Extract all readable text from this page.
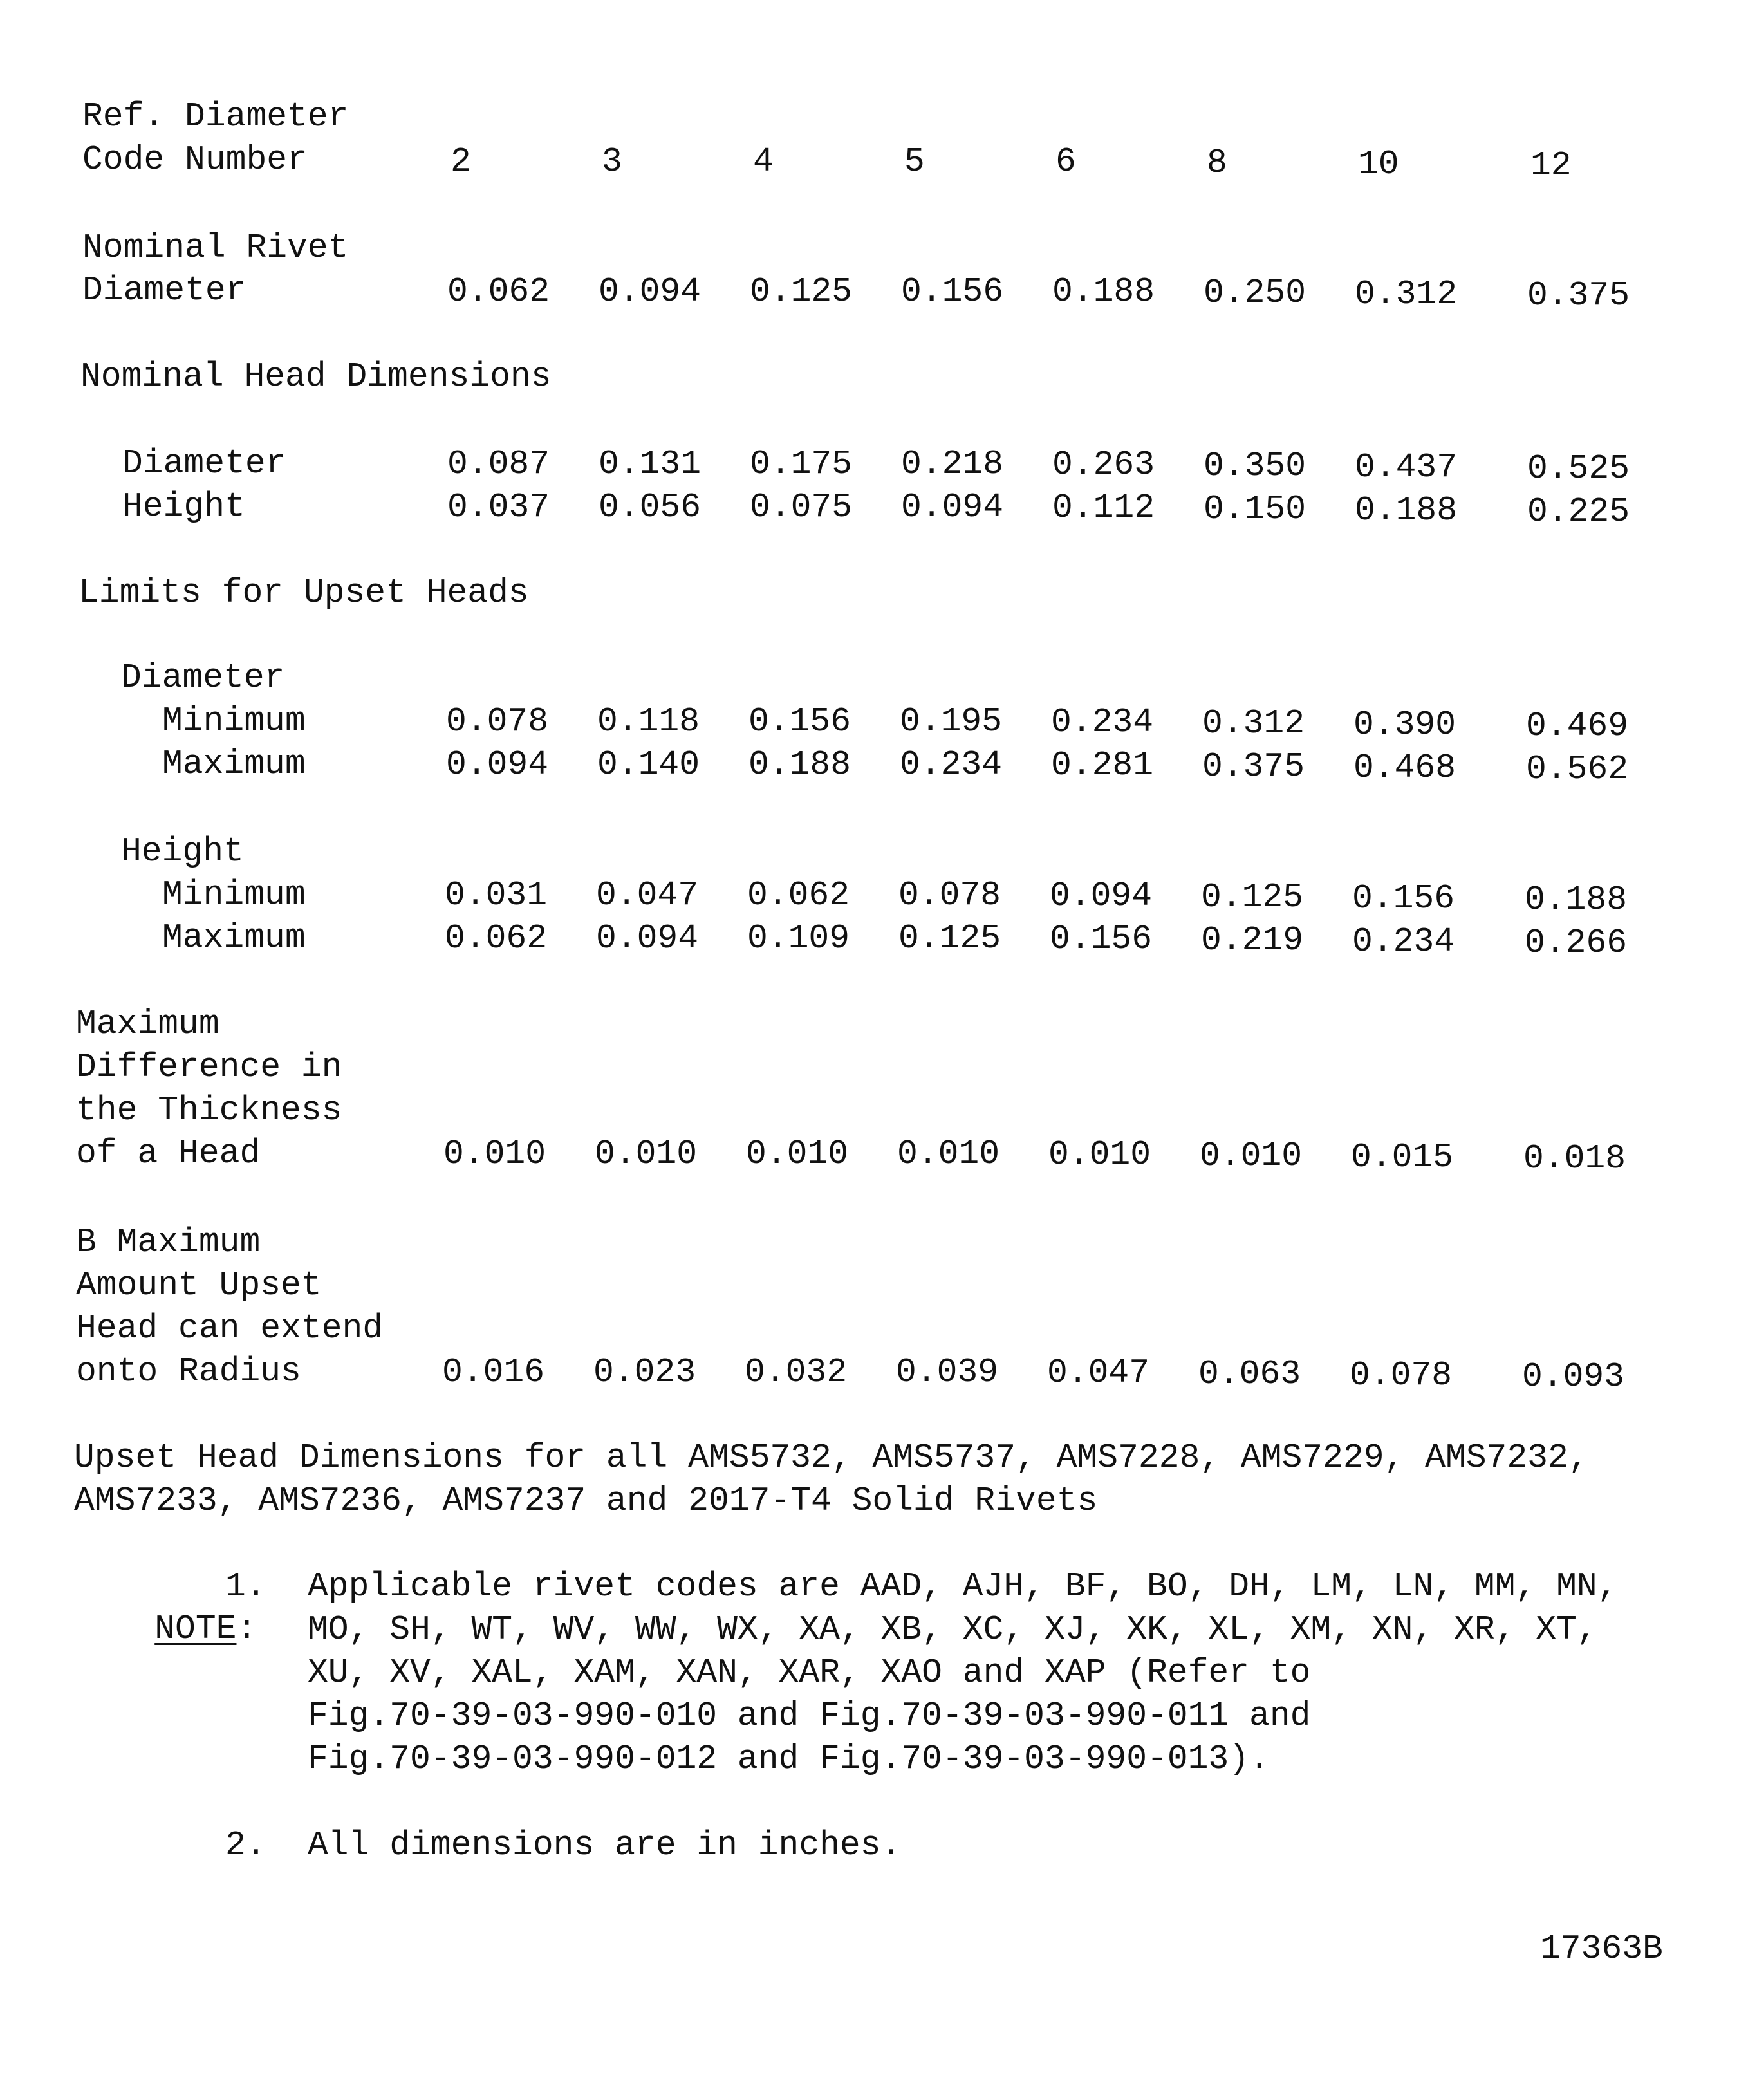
Ref. Diameter
Code Number	2	3	4	5	6	8	10	12
Nominal Rivet
Diameter	0.062 0.094 0.125 0.156 0.188 0.250 0.312 0.375
Nominal Head Dimensions
Diameter	0.087 0.131 0.175 0.218 0.263 0.350 0.437 0.525
Height	0.037 0.056 0.075 0.094 0.112 0.150 0.188 0.225
Limits for Upset Heads
Diameter
Minimum	0.078 0.118 0.156 0.195 0.234 0.312 0.390 0.469
Maximum	0.094 0.140 0.188 0.234 0.281 0.375 0.468 0.562
Height
Minimum	0.031 0.047 0.062 0.078 0.094 0.125 0.156 0.188
Maximum	0.062 0.094 0.109 0.125 0.156 0.219 0.234 0.266
Maximum
Difference in
the Thickness
of a Head	0.010 0.010 0.010 0.010 0.010 0.010 0.015 0.018
B Maximum
Amount Upset
Head can extend
onto Radius	0.016 0.023 0.032 0.039 0.047 0.063 0.078 0.093
Upset Head Dimensions for all AMS5732, AMS5737, AMS7228, AMS7229, AMS7232,
AMS7233, AMS7236, AMS7237 and 2017-T4 Solid Rivets

NOTE:

1. Applicable rivet codes are AAD, AJH, BF, BO, DH, LM, LN, MM, MN,
MO, SH, WT, WV, WW, WX, XA, XB, XC, XJ, XK, XL, XM, XN, XR, XT,
XU, XV, XAL, XAM, XAN, XAR, XAO and XAP (Refer to
Fig.70-39-03-990-010 and Fig.70-39-03-990-011 and
Fig.70-39-03-990-012 and Fig.70-39-03-990-013).
2. All dimensions are in inches.
17363B
